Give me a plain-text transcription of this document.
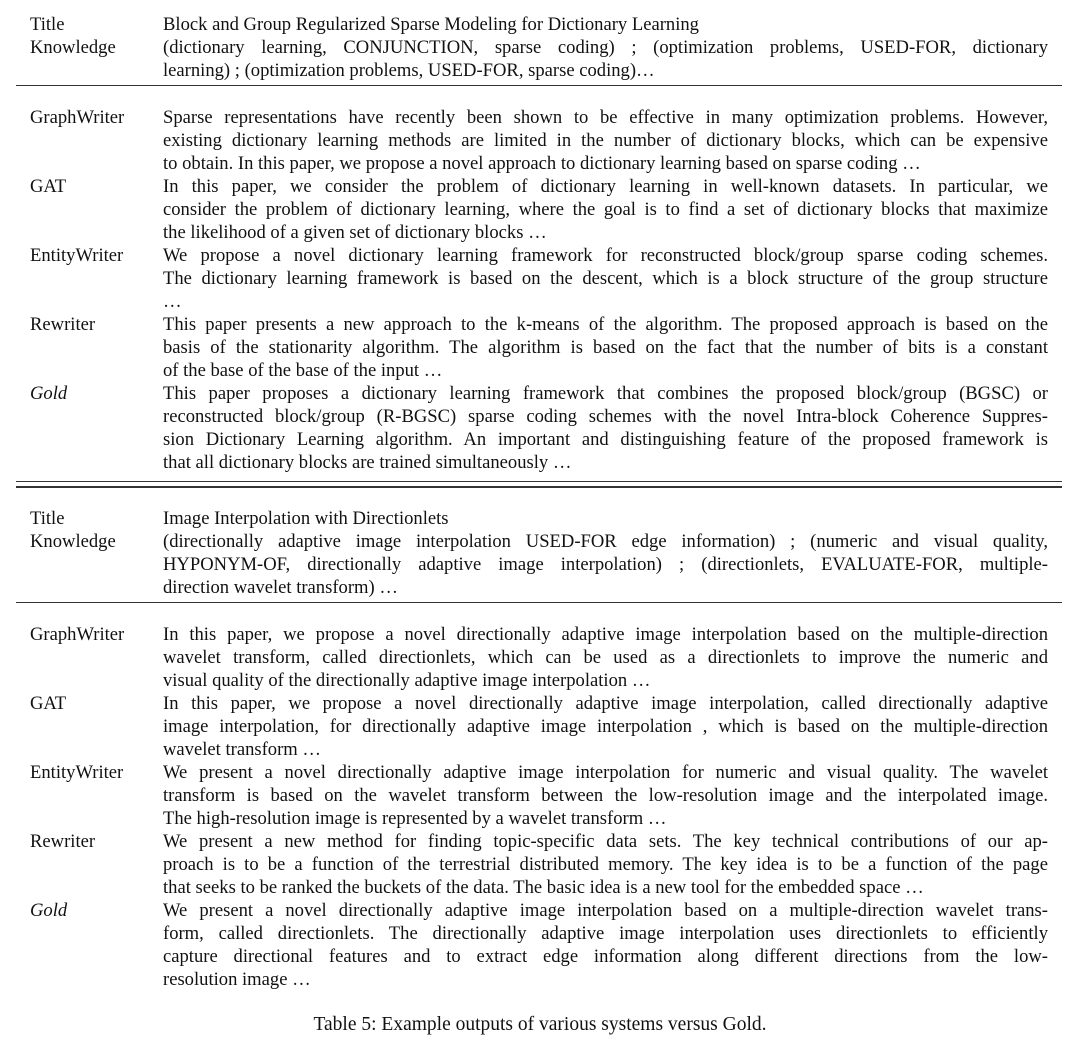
Title	Block and Group Regularized Sparse Modeling for Dictionary Learning
Knowledge	(dictionary learning, CONJUNCTION, sparse coding) ; (optimization problems, USED-FOR, dictionary
learning) ; (optimization problems, USED-FOR, sparse coding)…
GraphWriter	Sparse representations have recently been shown to be effective in many optimization problems. However,
existing dictionary learning methods are limited in the number of dictionary blocks, which can be expensive
to obtain. In this paper, we propose a novel approach to dictionary learning based on sparse coding …
GAT	In this paper, we consider the problem of dictionary learning in well-known datasets. In particular, we
consider the problem of dictionary learning, where the goal is to find a set of dictionary blocks that maximize
the likelihood of a given set of dictionary blocks …
EntityWriter	We propose a novel dictionary learning framework for reconstructed block/group sparse coding schemes.
The dictionary learning framework is based on the descent, which is a block structure of the group structure
…
Rewriter	This paper presents a new approach to the k-means of the algorithm. The proposed approach is based on the
basis of the stationarity algorithm. The algorithm is based on the fact that the number of bits is a constant
of the base of the base of the input …
Gold	This paper proposes a dictionary learning framework that combines the proposed block/group (BGSC) or
reconstructed block/group (R-BGSC) sparse coding schemes with the novel Intra-block Coherence Suppres-
sion Dictionary Learning algorithm. An important and distinguishing feature of the proposed framework is
that all dictionary blocks are trained simultaneously …
Title	Image Interpolation with Directionlets
Knowledge	(directionally adaptive image interpolation USED-FOR edge information) ; (numeric and visual quality,
HYPONYM-OF, directionally adaptive image interpolation) ; (directionlets, EVALUATE-FOR, multiple-
direction wavelet transform) …
GraphWriter	In this paper, we propose a novel directionally adaptive image interpolation based on the multiple-direction
wavelet transform, called directionlets, which can be used as a directionlets to improve the numeric and
visual quality of the directionally adaptive image interpolation …
GAT	In this paper, we propose a novel directionally adaptive image interpolation, called directionally adaptive
image interpolation, for directionally adaptive image interpolation , which is based on the multiple-direction
wavelet transform …
EntityWriter	We present a novel directionally adaptive image interpolation for numeric and visual quality. The wavelet
transform is based on the wavelet transform between the low-resolution image and the interpolated image.
The high-resolution image is represented by a wavelet transform …
Rewriter	We present a new method for finding topic-specific data sets. The key technical contributions of our ap-
proach is to be a function of the terrestrial distributed memory. The key idea is to be a function of the page
that seeks to be ranked the buckets of the data. The basic idea is a new tool for the embedded space …
Gold	We present a novel directionally adaptive image interpolation based on a multiple-direction wavelet trans-
form, called directionlets. The directionally adaptive image interpolation uses directionlets to efficiently
capture directional features and to extract edge information along different directions from the low-
resolution image …
Table 5: Example outputs of various systems versus Gold.
